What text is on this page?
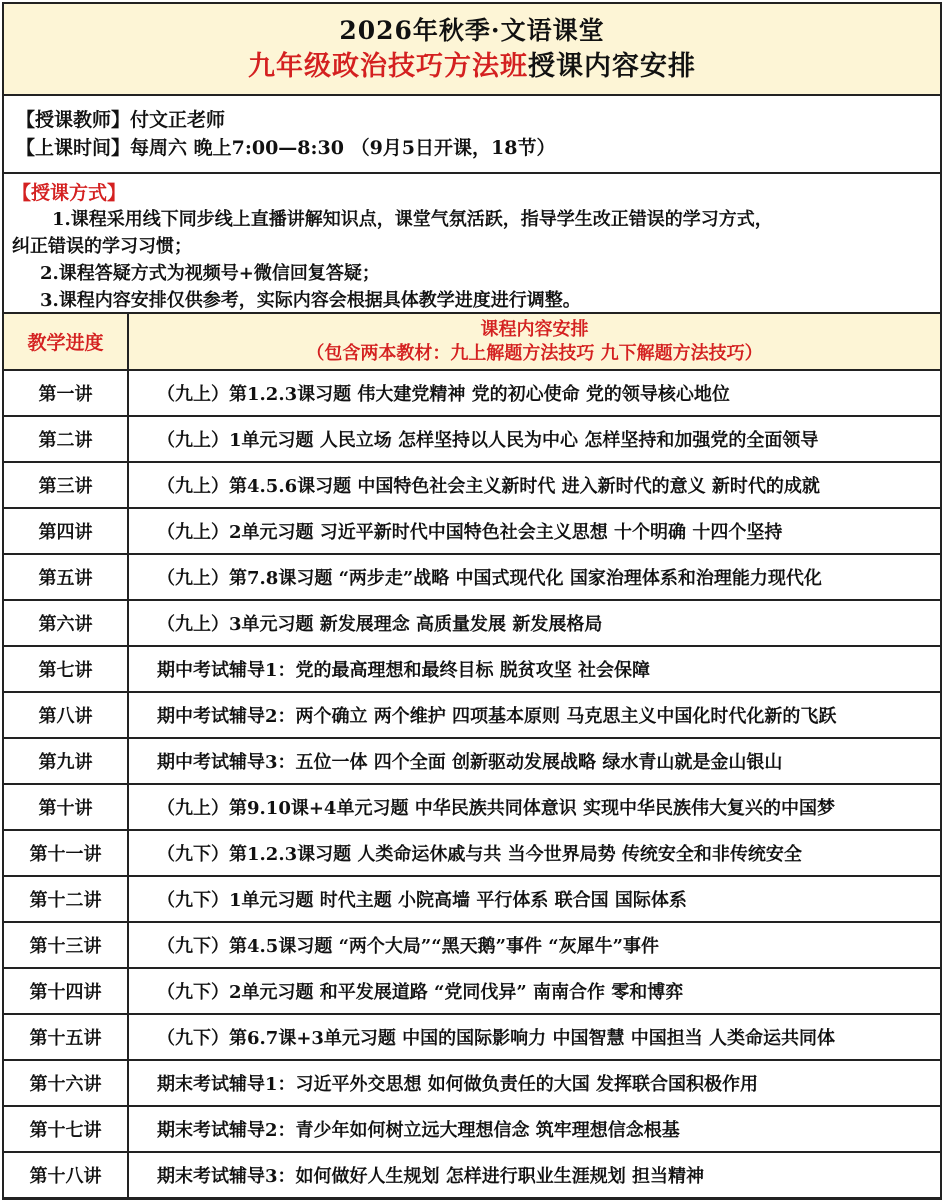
2026年秋季·文语课堂
九年级政治技巧方法班授课内容安排
【授课教师】付文正老师
【上课时间】每周六 晚上7:00—8:30 （9月5日开课，18节）
【授课方式】
1.课程采用线下同步线上直播讲解知识点，课堂气氛活跃，指导学生改正错误的学习方式，
纠正错误的学习习惯；
2.课程答疑方式为视频号+微信回复答疑；
3.课程内容安排仅供参考，实际内容会根据具体教学进度进行调整。
教学进度	课程内容安排
（包含两本教材：九上解题方法技巧 九下解题方法技巧）

第一讲	（九上）第1.2.3课习题 伟大建党精神 党的初心使命 党的领导核心地位
第二讲	（九上）1单元习题 人民立场 怎样坚持以人民为中心 怎样坚持和加强党的全面领导
第三讲	（九上）第4.5.6课习题 中国特色社会主义新时代 进入新时代的意义 新时代的成就
第四讲	（九上）2单元习题 习近平新时代中国特色社会主义思想 十个明确 十四个坚持
第五讲	（九上）第7.8课习题 “两步走”战略 中国式现代化 国家治理体系和治理能力现代化
第六讲	（九上）3单元习题 新发展理念 高质量发展 新发展格局
第七讲	期中考试辅导1：党的最高理想和最终目标 脱贫攻坚 社会保障
第八讲	期中考试辅导2：两个确立 两个维护 四项基本原则 马克思主义中国化时代化新的飞跃
第九讲	期中考试辅导3：五位一体 四个全面 创新驱动发展战略 绿水青山就是金山银山
第十讲	（九上）第9.10课+4单元习题 中华民族共同体意识 实现中华民族伟大复兴的中国梦
第十一讲	（九下）第1.2.3课习题 人类命运休戚与共 当今世界局势 传统安全和非传统安全
第十二讲	（九下）1单元习题 时代主题 小院高墙 平行体系 联合国 国际体系
第十三讲	（九下）第4.5课习题 “两个大局”“黑天鹅”事件 “灰犀牛”事件
第十四讲	（九下）2单元习题 和平发展道路 “党同伐异” 南南合作 零和博弈
第十五讲	（九下）第6.7课+3单元习题 中国的国际影响力 中国智慧 中国担当 人类命运共同体
第十六讲	期末考试辅导1：习近平外交思想 如何做负责任的大国 发挥联合国积极作用
第十七讲	期末考试辅导2：青少年如何树立远大理想信念 筑牢理想信念根基
第十八讲	期末考试辅导3：如何做好人生规划 怎样进行职业生涯规划 担当精神
